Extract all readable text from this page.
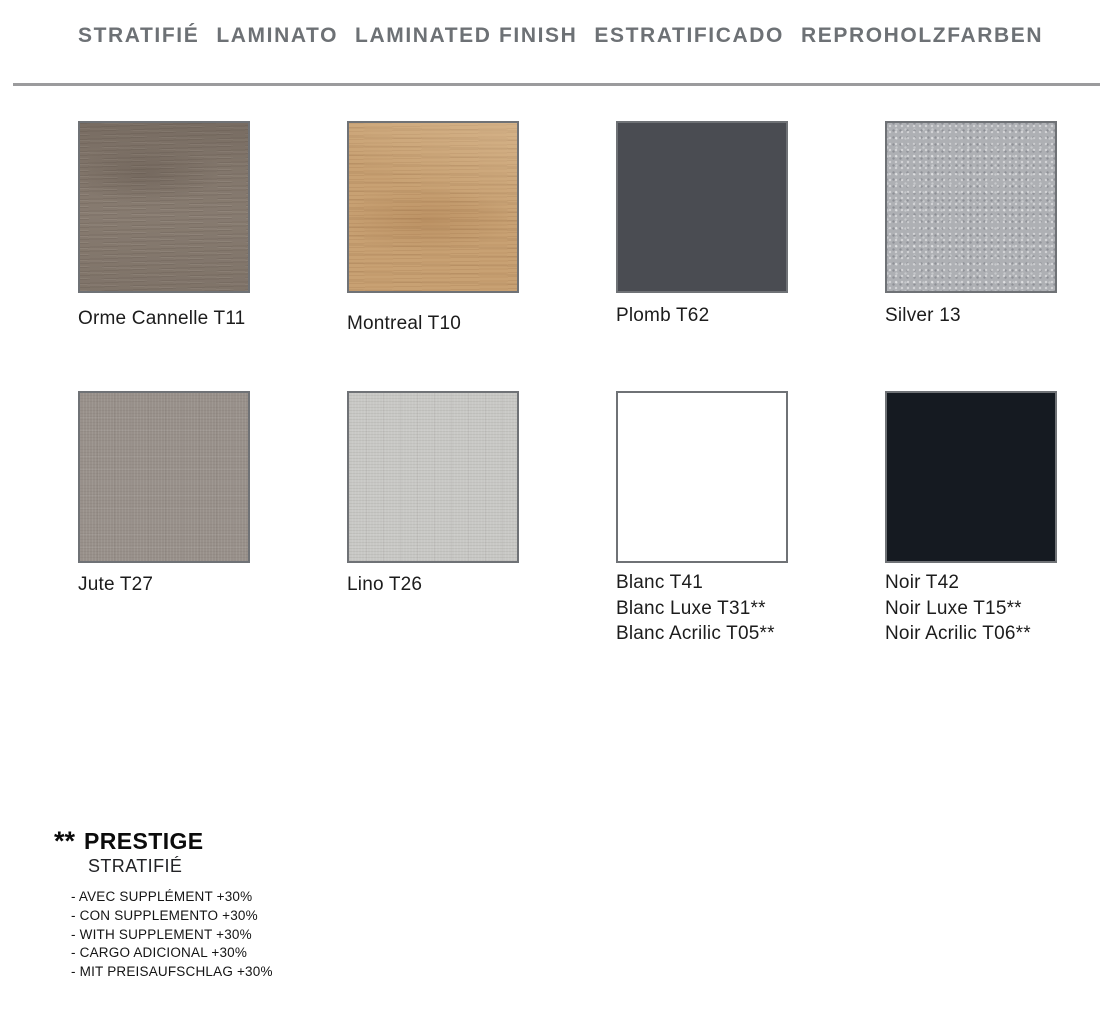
STRATIFIÉ LAMINATO LAMINATED FINISH ESTRATIFICADO REPROHOLZFARBEN
Orme Cannelle T11	Montreal T10	Plomb T62	Silver 13
Jute T27	Lino T26	Blanc T41
Blanc Luxe T31**
Blanc Acrilic T05**
Noir T42
Noir Luxe T15**
Noir Acrilic T06**
** PRESTIGE
STRATIFIÉ
- AVEC SUPPLÉMENT +30%
- CON SUPPLEMENTO +30%
- WITH SUPPLEMENT +30%
- CARGO ADICIONAL +30%
- MIT PREISAUFSCHLAG +30%
